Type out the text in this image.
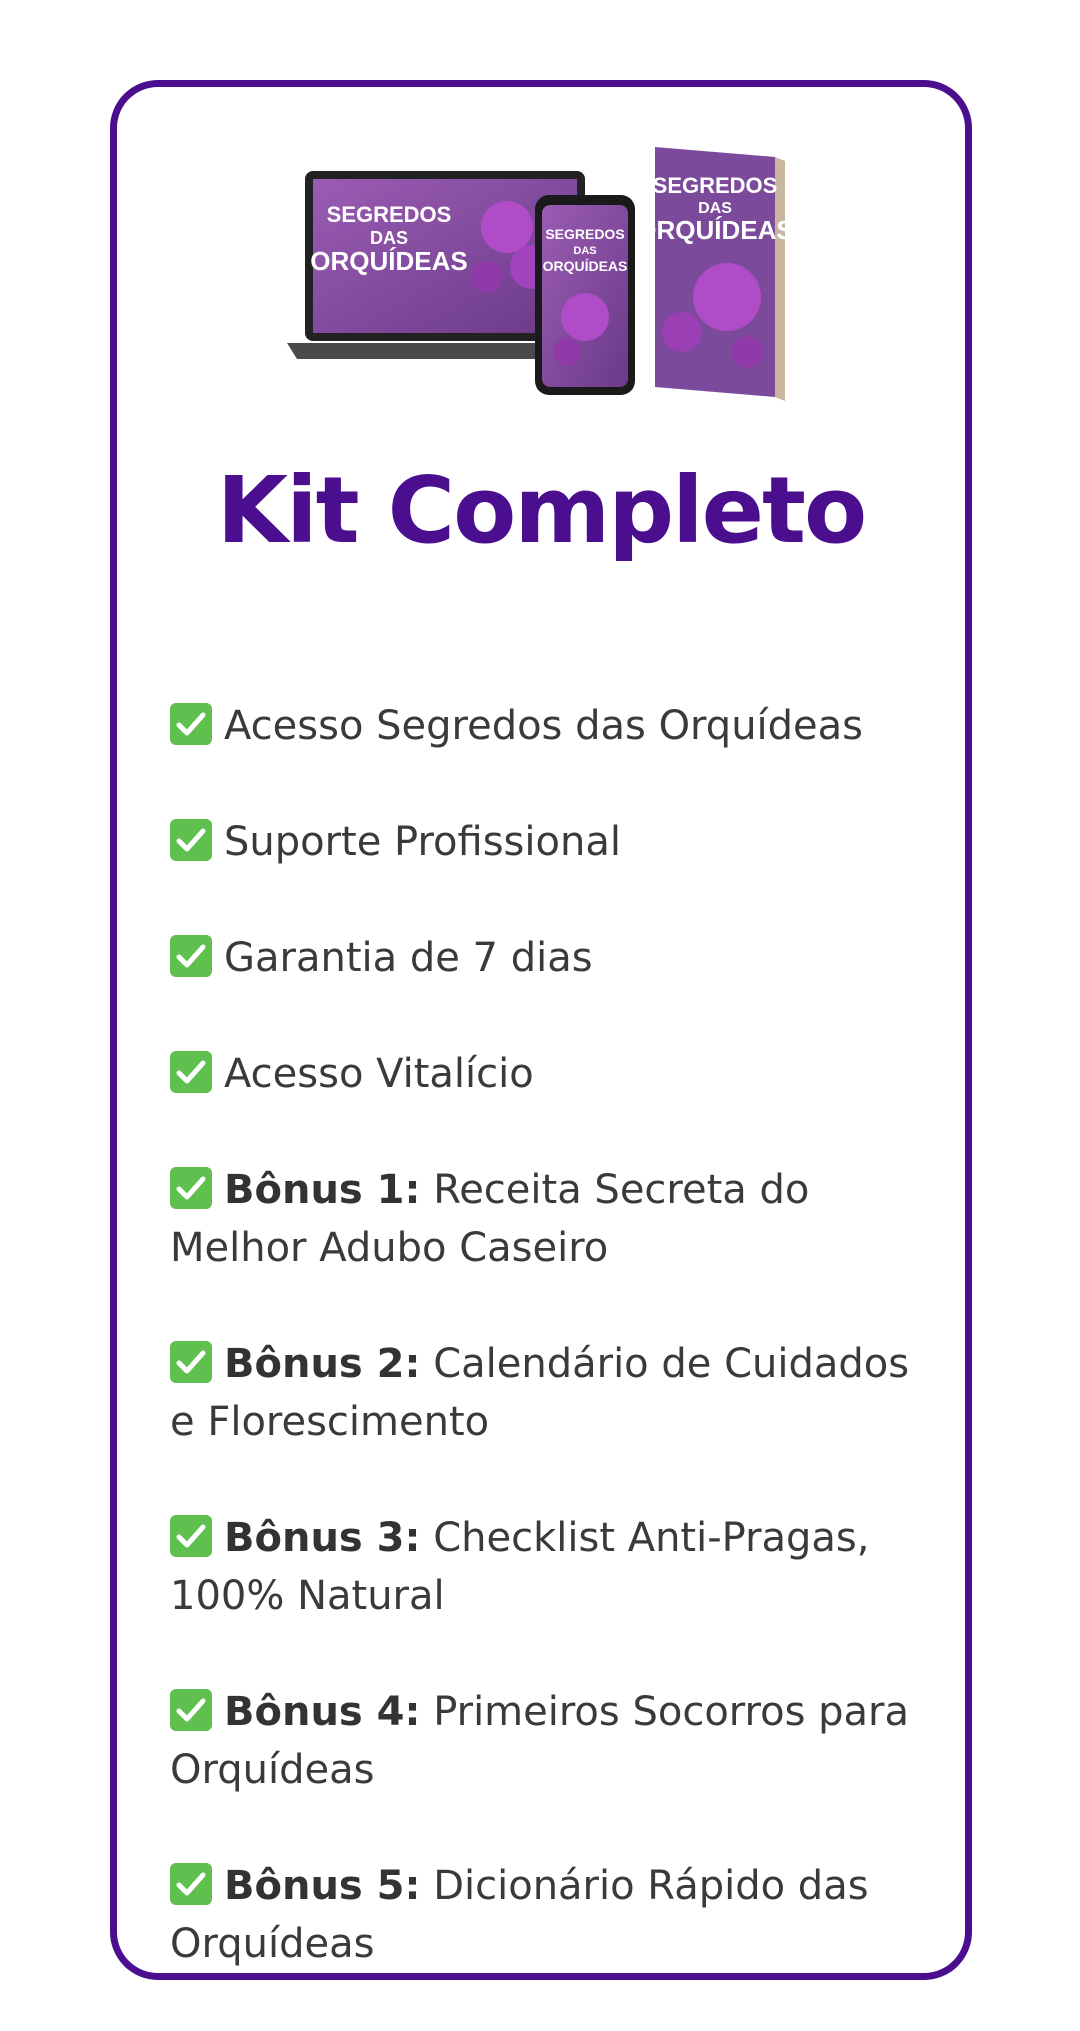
SEGREDOS
DAS
ORQUÍDEAS
SEGREDOS
DAS
ORQUÍDEAS
SEGREDOS
DAS
ORQUÍDEAS
Kit Completo
Acesso Segredos das Orquídeas
Suporte Profissional
Garantia de 7 dias
Acesso Vitalício
Bônus 1: Receita Secreta do Melhor Adubo Caseiro
Bônus 2: Calendário de Cuidados e Florescimento
Bônus 3: Checklist Anti-Pragas, 100% Natural
Bônus 4: Primeiros Socorros para Orquídeas
Bônus 5: Dicionário Rápido das Orquídeas
